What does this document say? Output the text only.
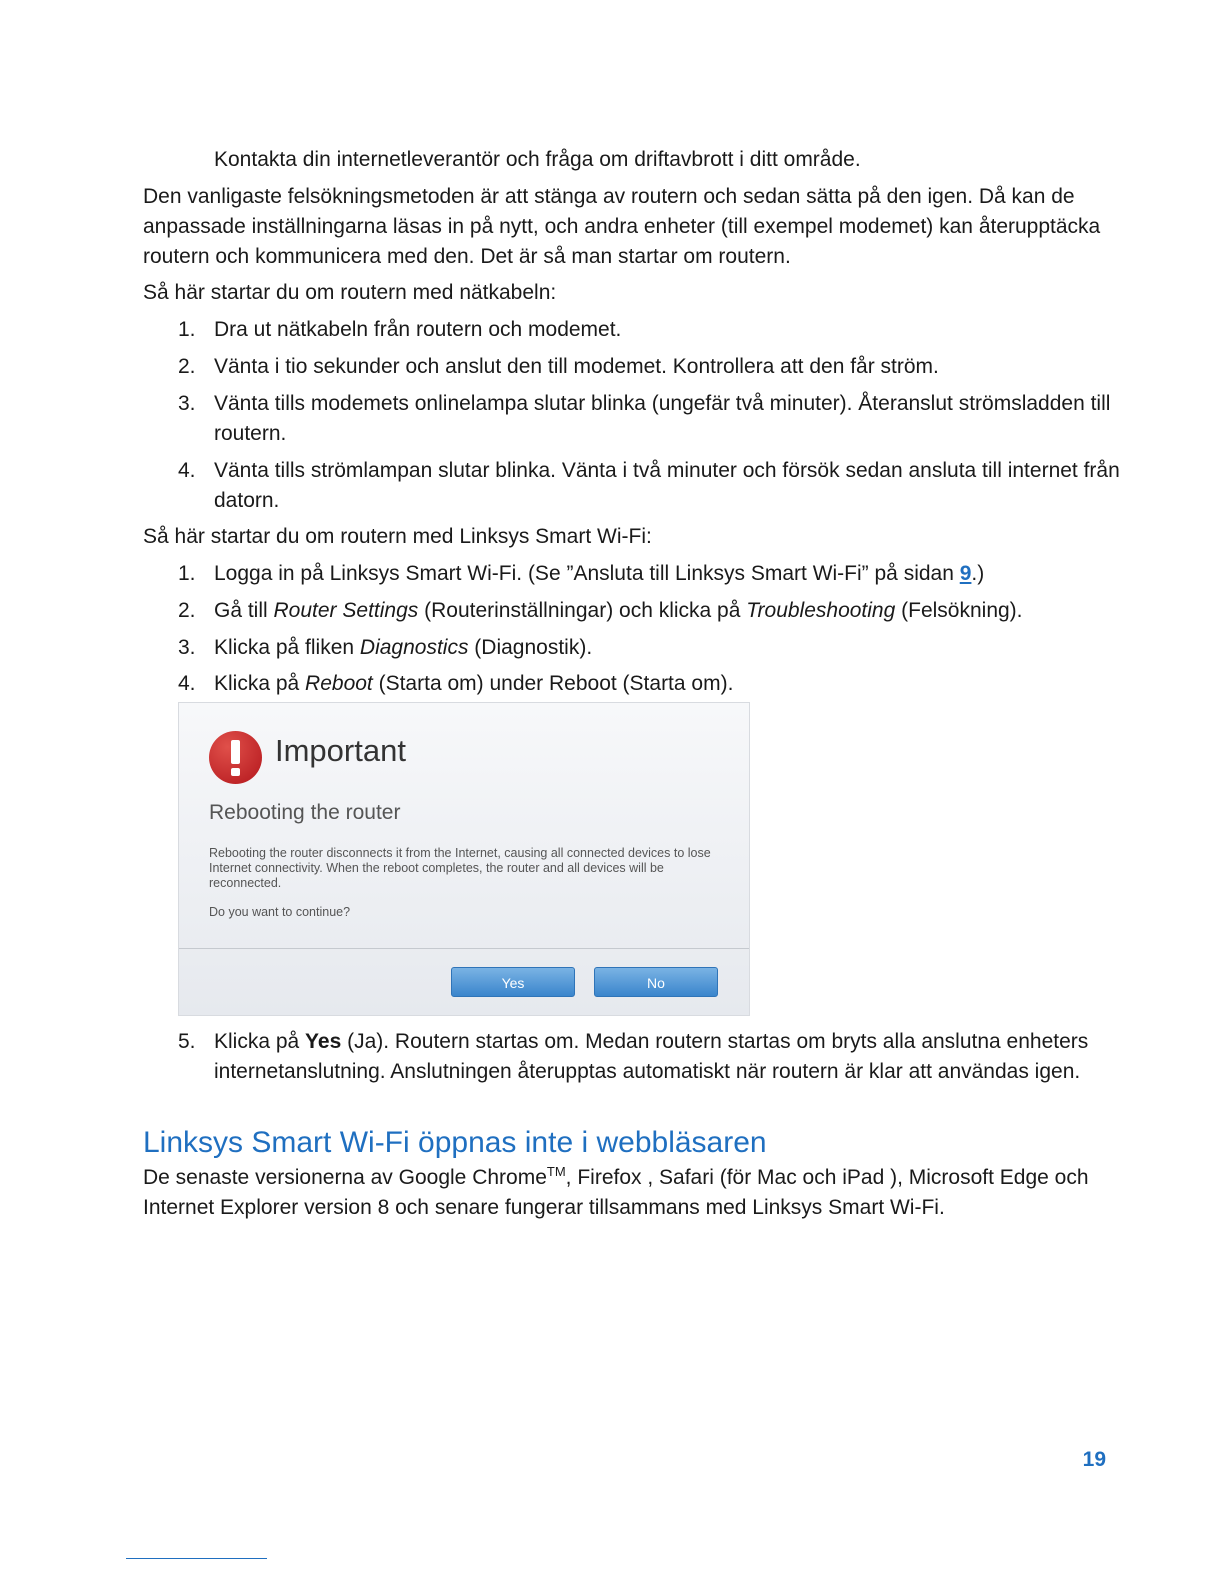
Kontakta din internetleverantör och fråga om driftavbrott i ditt område.

Den vanligaste felsökningsmetoden är att stänga av routern och sedan sätta på den igen. Då kan de anpassade inställningarna läsas in på nytt, och andra enheter (till exempel modemet) kan återupptäcka routern och kommunicera med den. Det är så man startar om routern.

Så här startar du om routern med nätkabeln:

1. Dra ut nätkabeln från routern och modemet.
2. Vänta i tio sekunder och anslut den till modemet. Kontrollera att den får ström.
3. Vänta tills modemets onlinelampa slutar blinka (ungefär två minuter). Återanslut strömsladden till routern.
4. Vänta tills strömlampan slutar blinka. Vänta i två minuter och försök sedan ansluta till internet från datorn.

Så här startar du om routern med Linksys Smart Wi-Fi:

1. Logga in på Linksys Smart Wi-Fi. (Se ”Ansluta till Linksys Smart Wi-Fi” på sidan 9.)
2. Gå till Router Settings (Routerinställningar) och klicka på Troubleshooting (Felsökning).
3. Klicka på fliken Diagnostics (Diagnostik).
4. Klicka på Reboot (Starta om) under Reboot (Starta om).
Important
Rebooting the router
Rebooting the router disconnects it from the Internet, causing all connected devices to lose Internet connectivity. When the reboot completes, the router and all devices will be reconnected.
Do you want to continue?
Yes	No
5. Klicka på Yes (Ja). Routern startas om. Medan routern startas om bryts alla anslutna enheters internetanslutning. Anslutningen återupptas automatiskt när routern är klar att användas igen.
Linksys Smart Wi-Fi öppnas inte i webbläsaren

De senaste versionerna av Google Chrome™, Firefox , Safari (för Mac och iPad ), Microsoft Edge och Internet Explorer version 8 och senare fungerar tillsammans med Linksys Smart Wi-Fi.

19
